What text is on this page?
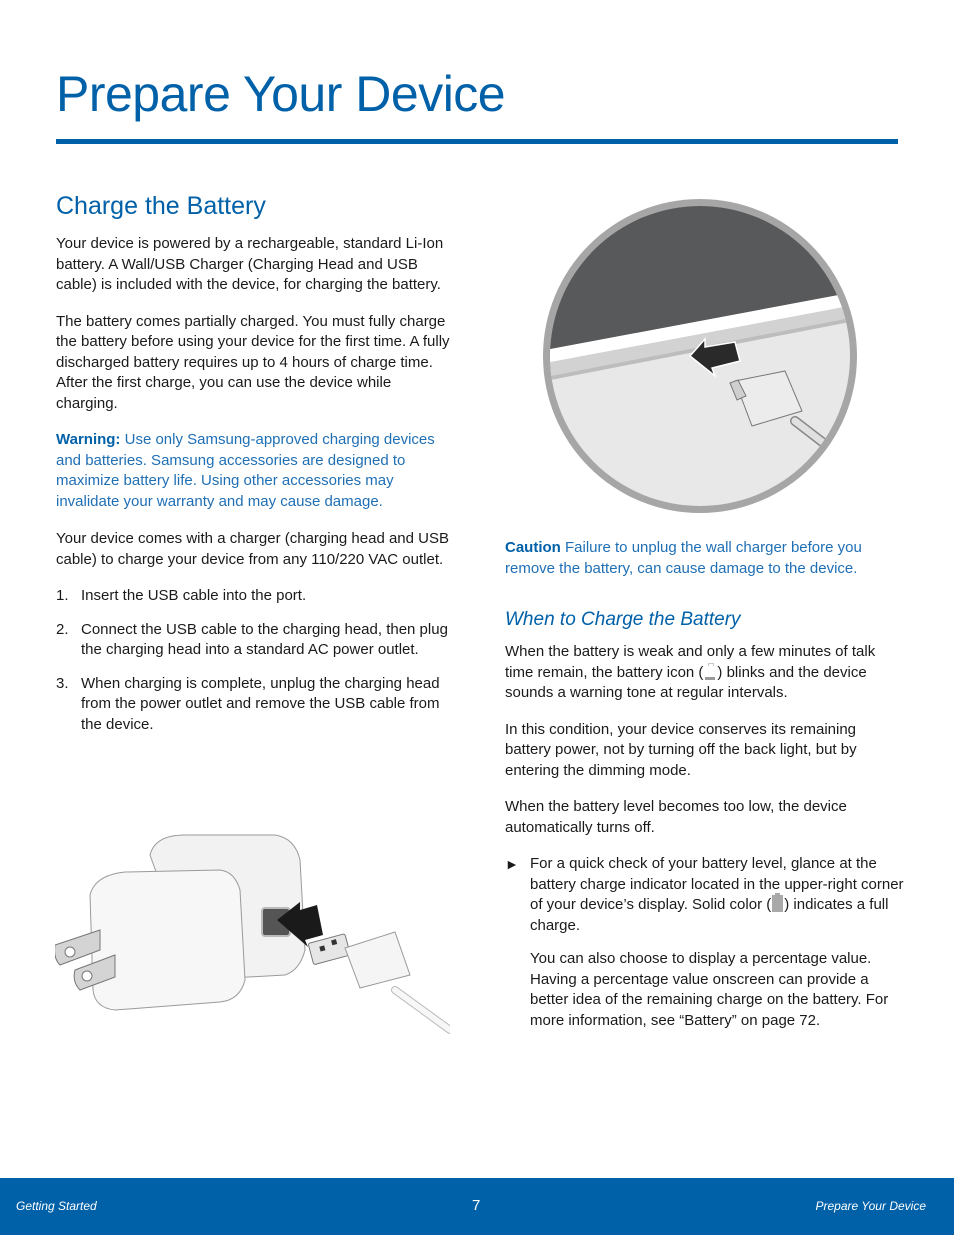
Prepare Your Device
Charge the Battery

Your device is powered by a rechargeable, standard Li-Ion battery. A Wall/USB Charger (Charging Head and USB cable) is included with the device, for charging the battery.

The battery comes partially charged. You must fully charge the battery before using your device for the first time. A fully discharged battery requires up to 4 hours of charge time. After the first charge, you can use the device while charging.

Warning: Use only Samsung-approved charging devices and batteries. Samsung accessories are designed to maximize battery life. Using other accessories may invalidate your warranty and may cause damage.

Your device comes with a charger (charging head and USB cable) to charge your device from any 110/220 VAC outlet.

1. Insert the USB cable into the port.
2. Connect the USB cable to the charging head, then plug the charging head into a standard AC power outlet.
3. When charging is complete, unplug the charging head from the power outlet and remove the USB cable from the device.

Caution Failure to unplug the wall charger before you remove the battery, can cause damage to the device.

When to Charge the Battery

When the battery is weak and only a few minutes of talk time remain, the battery icon ( ) blinks and the device sounds a warning tone at regular intervals.

In this condition, your device conserves its remaining battery power, not by turning off the back light, but by entering the dimming mode.

When the battery level becomes too low, the device automatically turns off.

► For a quick check of your battery level, glance at the battery charge indicator located in the upper-right corner of your device’s display. Solid color ( ) indicates a full charge.

You can also choose to display a percentage value. Having a percentage value onscreen can provide a better idea of the remaining charge on the battery. For more information, see “Battery” on page 72.

Getting Started	7	Prepare Your Device
